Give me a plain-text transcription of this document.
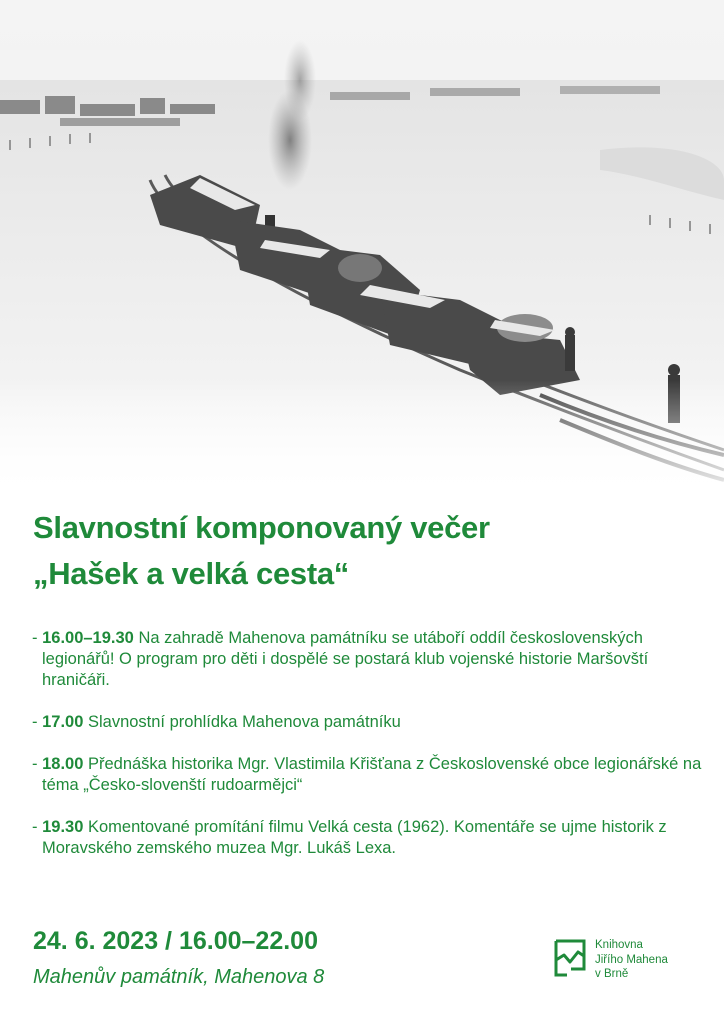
Slavnostní komponovaný večer
„Hašek a velká cesta“
- 16.00–19.30 Na zahradě Mahenova památníku se utáboří oddíl československých legionářů! O program pro děti i dospělé se postará klub vojenské historie Maršovští hraničáři.
- 17.00 Slavnostní prohlídka Mahenova památníku
- 18.00 Přednáška historika Mgr. Vlastimila Křišťana z Československé obce legionářské na téma „Česko-slovenští rudoarmějci“
- 19.30 Komentované promítání filmu Velká cesta (1962). Komentáře se ujme historik z Moravského zemského muzea Mgr. Lukáš Lexa.
24. 6. 2023 / 16.00–22.00
Mahenův památník, Mahenova 8
Knihovna
Jiřího Mahena
v Brně
